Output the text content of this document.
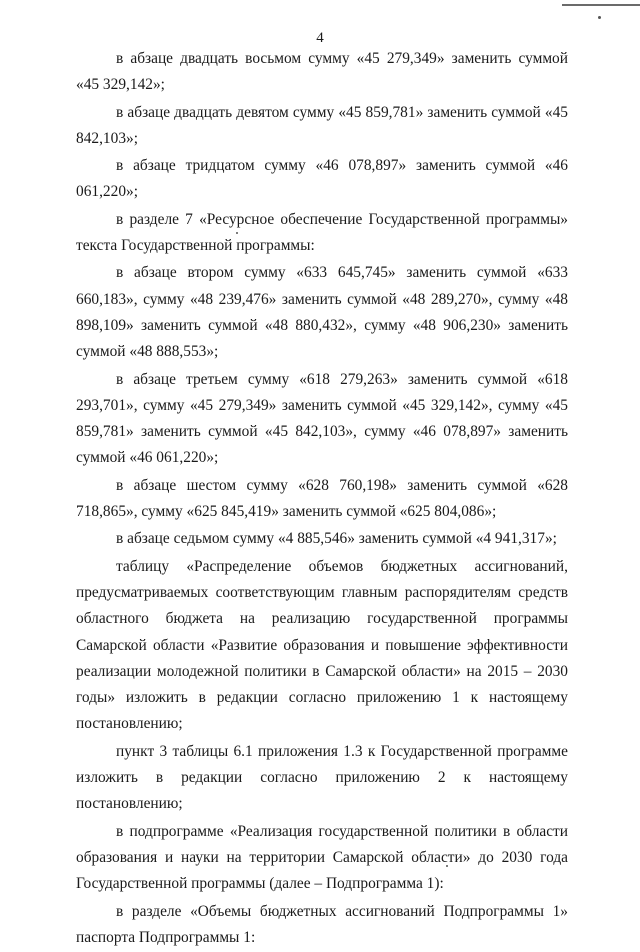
4

в абзаце двадцать восьмом сумму «45 279,349» заменить суммой «45 329,142»;

в абзаце двадцать девятом сумму «45 859,781» заменить суммой «45 842,103»;

в абзаце тридцатом сумму «46 078,897» заменить суммой «46 061,220»;

в разделе 7 «Ресурсное обеспечение Государственной программы» текста Государственной программы:

в абзаце втором сумму «633 645,745» заменить суммой «633 660,183», сумму «48 239,476» заменить суммой «48 289,270», сумму «48 898,109» заменить суммой «48 880,432», сумму «48 906,230» заменить суммой «48 888,553»;

в абзаце третьем сумму «618 279,263» заменить суммой «618 293,701», сумму «45 279,349» заменить суммой «45 329,142», сумму «45 859,781» заменить суммой «45 842,103», сумму «46 078,897» заменить суммой «46 061,220»;

в абзаце шестом сумму «628 760,198» заменить суммой «628 718,865», сумму «625 845,419» заменить суммой «625 804,086»;

в абзаце седьмом сумму «4 885,546» заменить суммой «4 941,317»;

таблицу «Распределение объемов бюджетных ассигнований, предусматриваемых соответствующим главным распорядителям средств областного бюджета на реализацию государственной программы Самарской области «Развитие образования и повышение эффективности реализации молодежной политики в Самарской области» на 2015 – 2030 годы» изложить в редакции согласно приложению 1 к настоящему постановлению;

пункт 3 таблицы 6.1 приложения 1.3 к Государственной программе изложить в редакции согласно приложению 2 к настоящему постановлению;

в подпрограмме «Реализация государственной политики в области образования и науки на территории Самарской области» до 2030 года Государственной программы (далее – Подпрограмма 1):

в разделе «Объемы бюджетных ассигнований Подпрограммы 1» паспорта Подпрограммы 1:
